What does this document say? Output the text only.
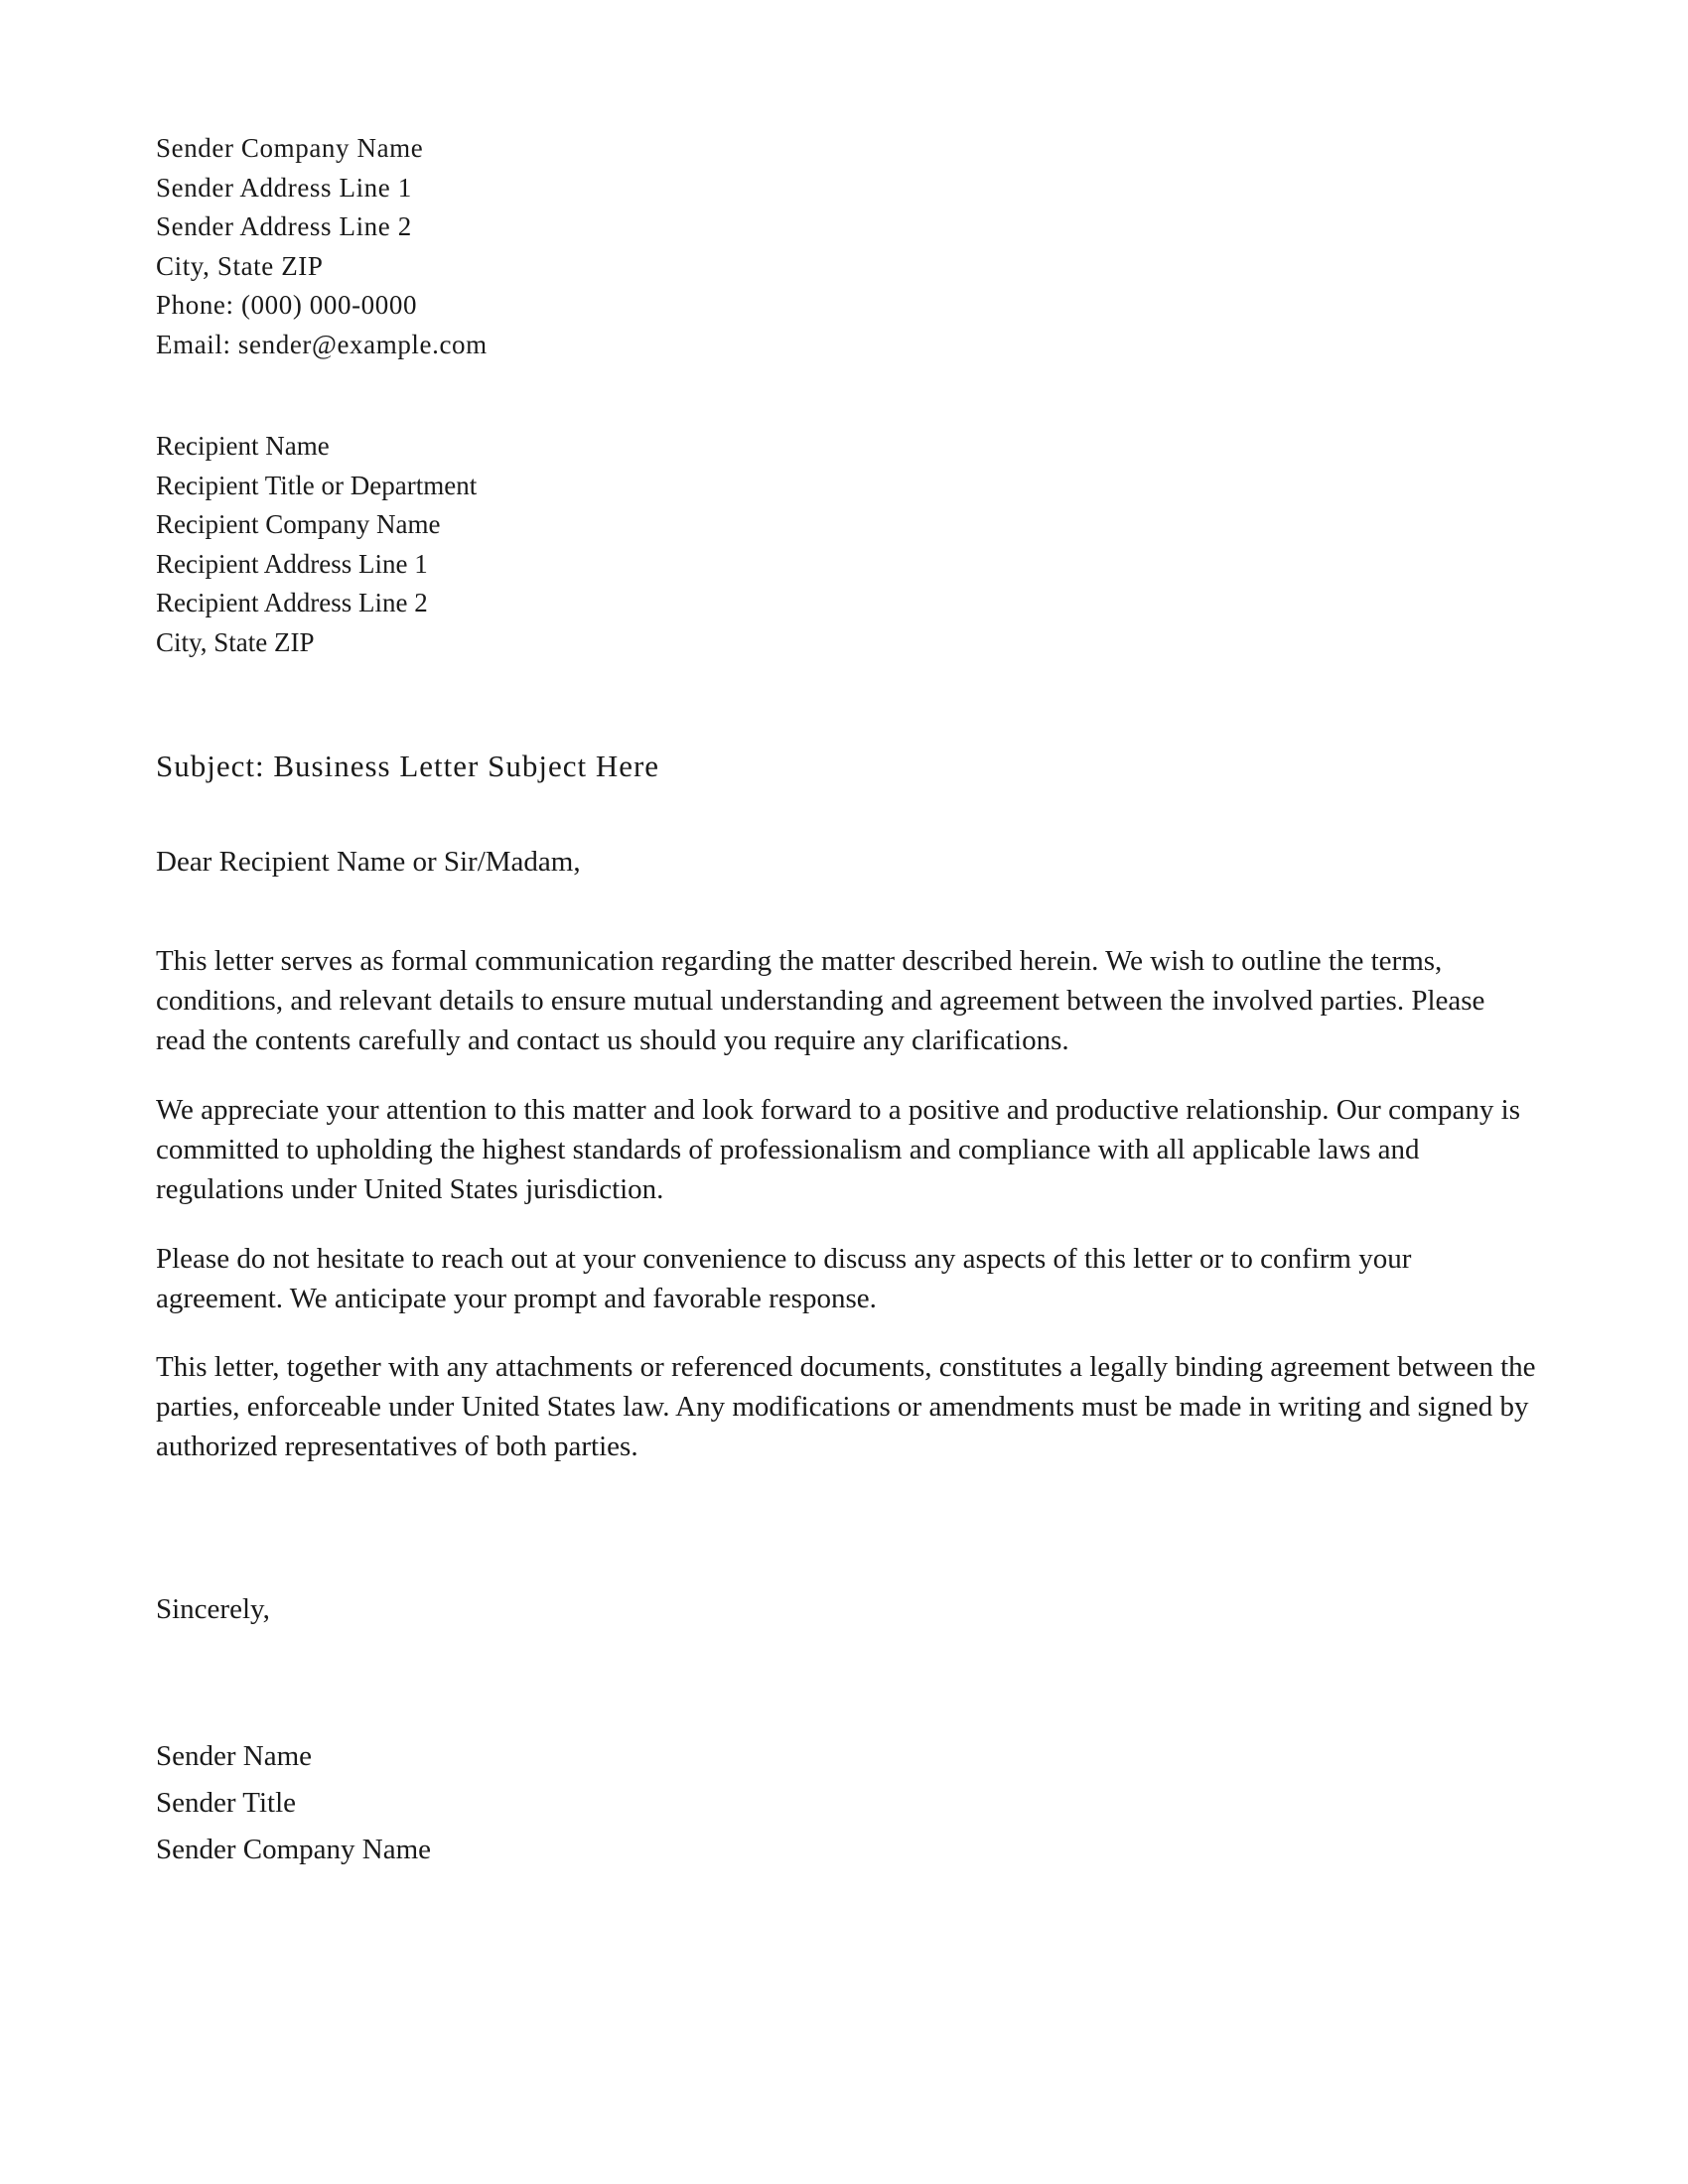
Sender Company Name
Sender Address Line 1
Sender Address Line 2
City, State ZIP
Phone: (000) 000-0000
Email: sender@example.com
Recipient Name
Recipient Title or Department
Recipient Company Name
Recipient Address Line 1
Recipient Address Line 2
City, State ZIP
Subject: Business Letter Subject Here
Dear Recipient Name or Sir/Madam,

This letter serves as formal communication regarding the matter described herein. We wish to outline the terms, conditions, and relevant details to ensure mutual understanding and agreement between the involved parties. Please read the contents carefully and contact us should you require any clarifications.

We appreciate your attention to this matter and look forward to a positive and productive relationship. Our company is committed to upholding the highest standards of professionalism and compliance with all applicable laws and regulations under United States jurisdiction.

Please do not hesitate to reach out at your convenience to discuss any aspects of this letter or to confirm your agreement. We anticipate your prompt and favorable response.

This letter, together with any attachments or referenced documents, constitutes a legally binding agreement between the parties, enforceable under United States law. Any modifications or amendments must be made in writing and signed by authorized representatives of both parties.

Sincerely,
Sender Name
Sender Title
Sender Company Name
